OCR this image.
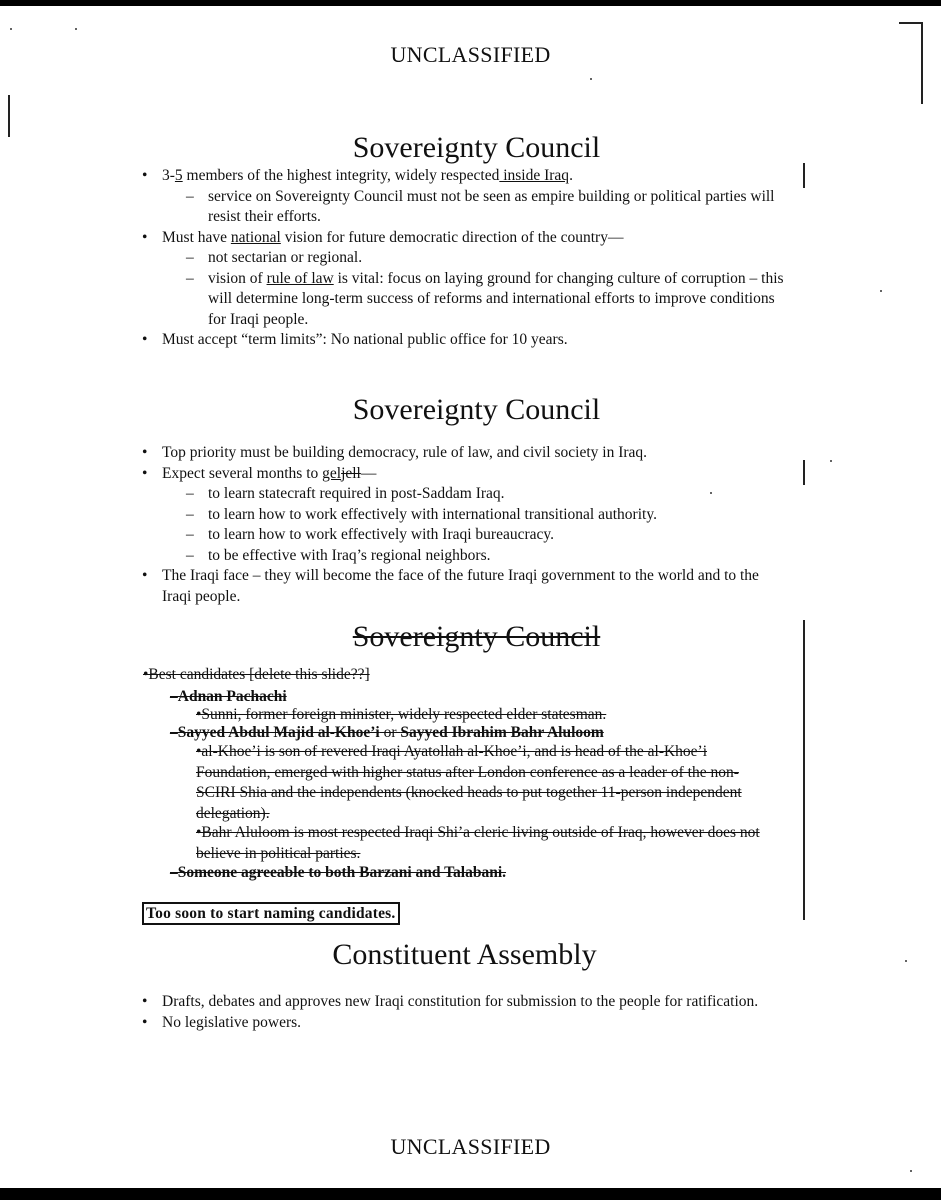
UNCLASSIFIED
Sovereignty Council
• 3-5 members of the highest integrity, widely respected inside Iraq.
– service on Sovereignty Council must not be seen as empire building or political parties will resist their efforts.
• Must have national vision for future democratic direction of the country—
– not sectarian or regional.
– vision of rule of law is vital: focus on laying ground for changing culture of corruption – this will determine long-term success of reforms and international efforts to improve conditions for Iraqi people.
• Must accept “term limits”: No national public office for 10 years.
Sovereignty Council
• Top priority must be building democracy, rule of law, and civil society in Iraq.
• Expect several months to geljell—
– to learn statecraft required in post-Saddam Iraq.
– to learn how to work effectively with international transitional authority.
– to learn how to work effectively with Iraqi bureaucracy.
– to be effective with Iraq’s regional neighbors.
• The Iraqi face – they will become the face of the future Iraqi government to the world and to the Iraqi people.
Sovereignty Council
•Best candidates [delete this slide??]
–Adnan Pachachi
•Sunni, former foreign minister, widely respected elder statesman.
–Sayyed Abdul Majid al-Khoe’i or Sayyed Ibrahim Bahr Aluloom
•al-Khoe’i is son of revered Iraqi Ayatollah al-Khoe’i, and is head of the al-Khoe’i Foundation, emerged with higher status after London conference as a leader of the non-SCIRI Shia and the independents (knocked heads to put together 11-person independent delegation).
•Bahr Aluloom is most respected Iraqi Shi’a cleric living outside of Iraq, however does not believe in political parties.
–Someone agreeable to both Barzani and Talabani.
Too soon to start naming candidates.
Constituent Assembly
• Drafts, debates and approves new Iraqi constitution for submission to the people for ratification.
• No legislative powers.
UNCLASSIFIED
